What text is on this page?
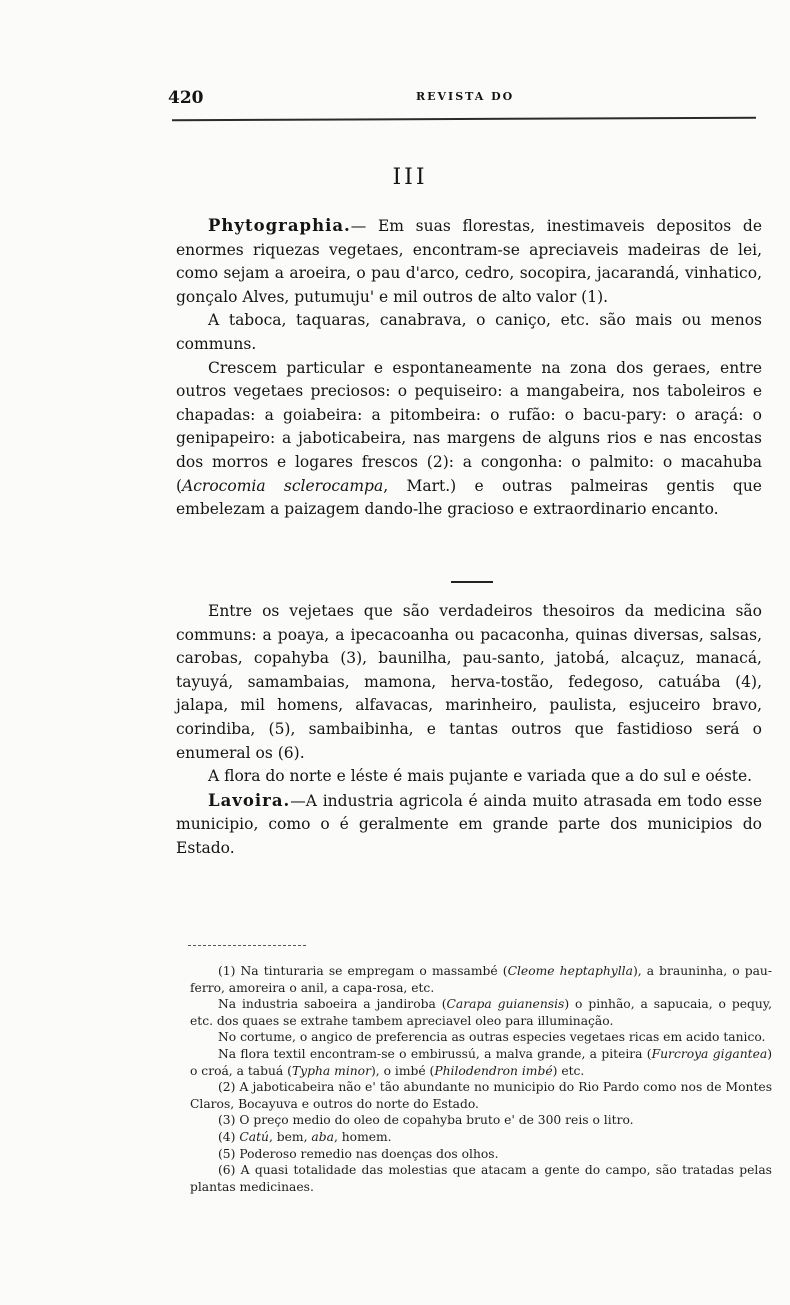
420	REVISTA DO
III

Phytographia.— Em suas florestas, inestimaveis depositos de enormes riquezas vegetaes, encontram-se apreciaveis madeiras de lei, como sejam a aroeira, o pau d'arco, cedro, socopira, jacarandá, vinhatico, gonçalo Alves, putumuju' e mil outros de alto valor (1).

A taboca, taquaras, canabrava, o caniço, etc. são mais ou menos communs.

Crescem particular e espontaneamente na zona dos geraes, entre outros vegetaes preciosos: o pequiseiro: a mangabeira, nos taboleiros e chapadas: a goiabeira: a pitombeira: o rufão: o bacu-pary: o araçá: o genipapeiro: a jaboticabeira, nas margens de alguns rios e nas encostas dos morros e logares frescos (2): a congonha: o palmito: o macahuba (Acrocomia sclerocampa, Mart.) e outras palmeiras gentis que embelezam a paizagem dando-lhe gracioso e extraordinario encanto.

Entre os vejetaes que são verdadeiros thesoiros da medicina são communs: a poaya, a ipecacoanha ou pacaconha, quinas diversas, salsas, carobas, copahyba (3), baunilha, pau-santo, jatobá, alcaçuz, manacá, tayuyá, samambaias, mamona, herva-tostão, fedegoso, catuába (4), jalapa, mil homens, alfavacas, marinheiro, paulista, esjuceiro bravo, corindiba, (5), sambaibinha, e tantas outros que fastidioso será o enumeral os (6).

A flora do norte e léste é mais pujante e variada que a do sul e oéste.

Lavoira.—A industria agricola é ainda muito atrasada em todo esse municipio, como o é geralmente em grande parte dos municipios do Estado.

(1) Na tinturaria se empregam o massambé (Cleome heptaphylla), a brauninha, o pau-ferro, amoreira o anil, a capa-rosa, etc.

Na industria saboeira a jandiroba (Carapa guianensis) o pinhão, a sapucaia, o pequy, etc. dos quaes se extrahe tambem apreciavel oleo para illuminação.

No cortume, o angico de preferencia as outras especies vegetaes ricas em acido tanico.

Na flora textil encontram-se o embirussú, a malva grande, a piteira (Furcroya gigantea) o croá, a tabuá (Typha minor), o imbé (Philodendron imbé) etc.

(2) A jaboticabeira não e' tão abundante no municipio do Rio Pardo como nos de Montes Claros, Bocayuva e outros do norte do Estado.

(3) O preço medio do oleo de copahyba bruto e' de 300 reis o litro.

(4) Catú, bem, aba, homem.

(5) Poderoso remedio nas doenças dos olhos.

(6) A quasi totalidade das molestias que atacam a gente do campo, são tratadas pelas plantas medicinaes.
